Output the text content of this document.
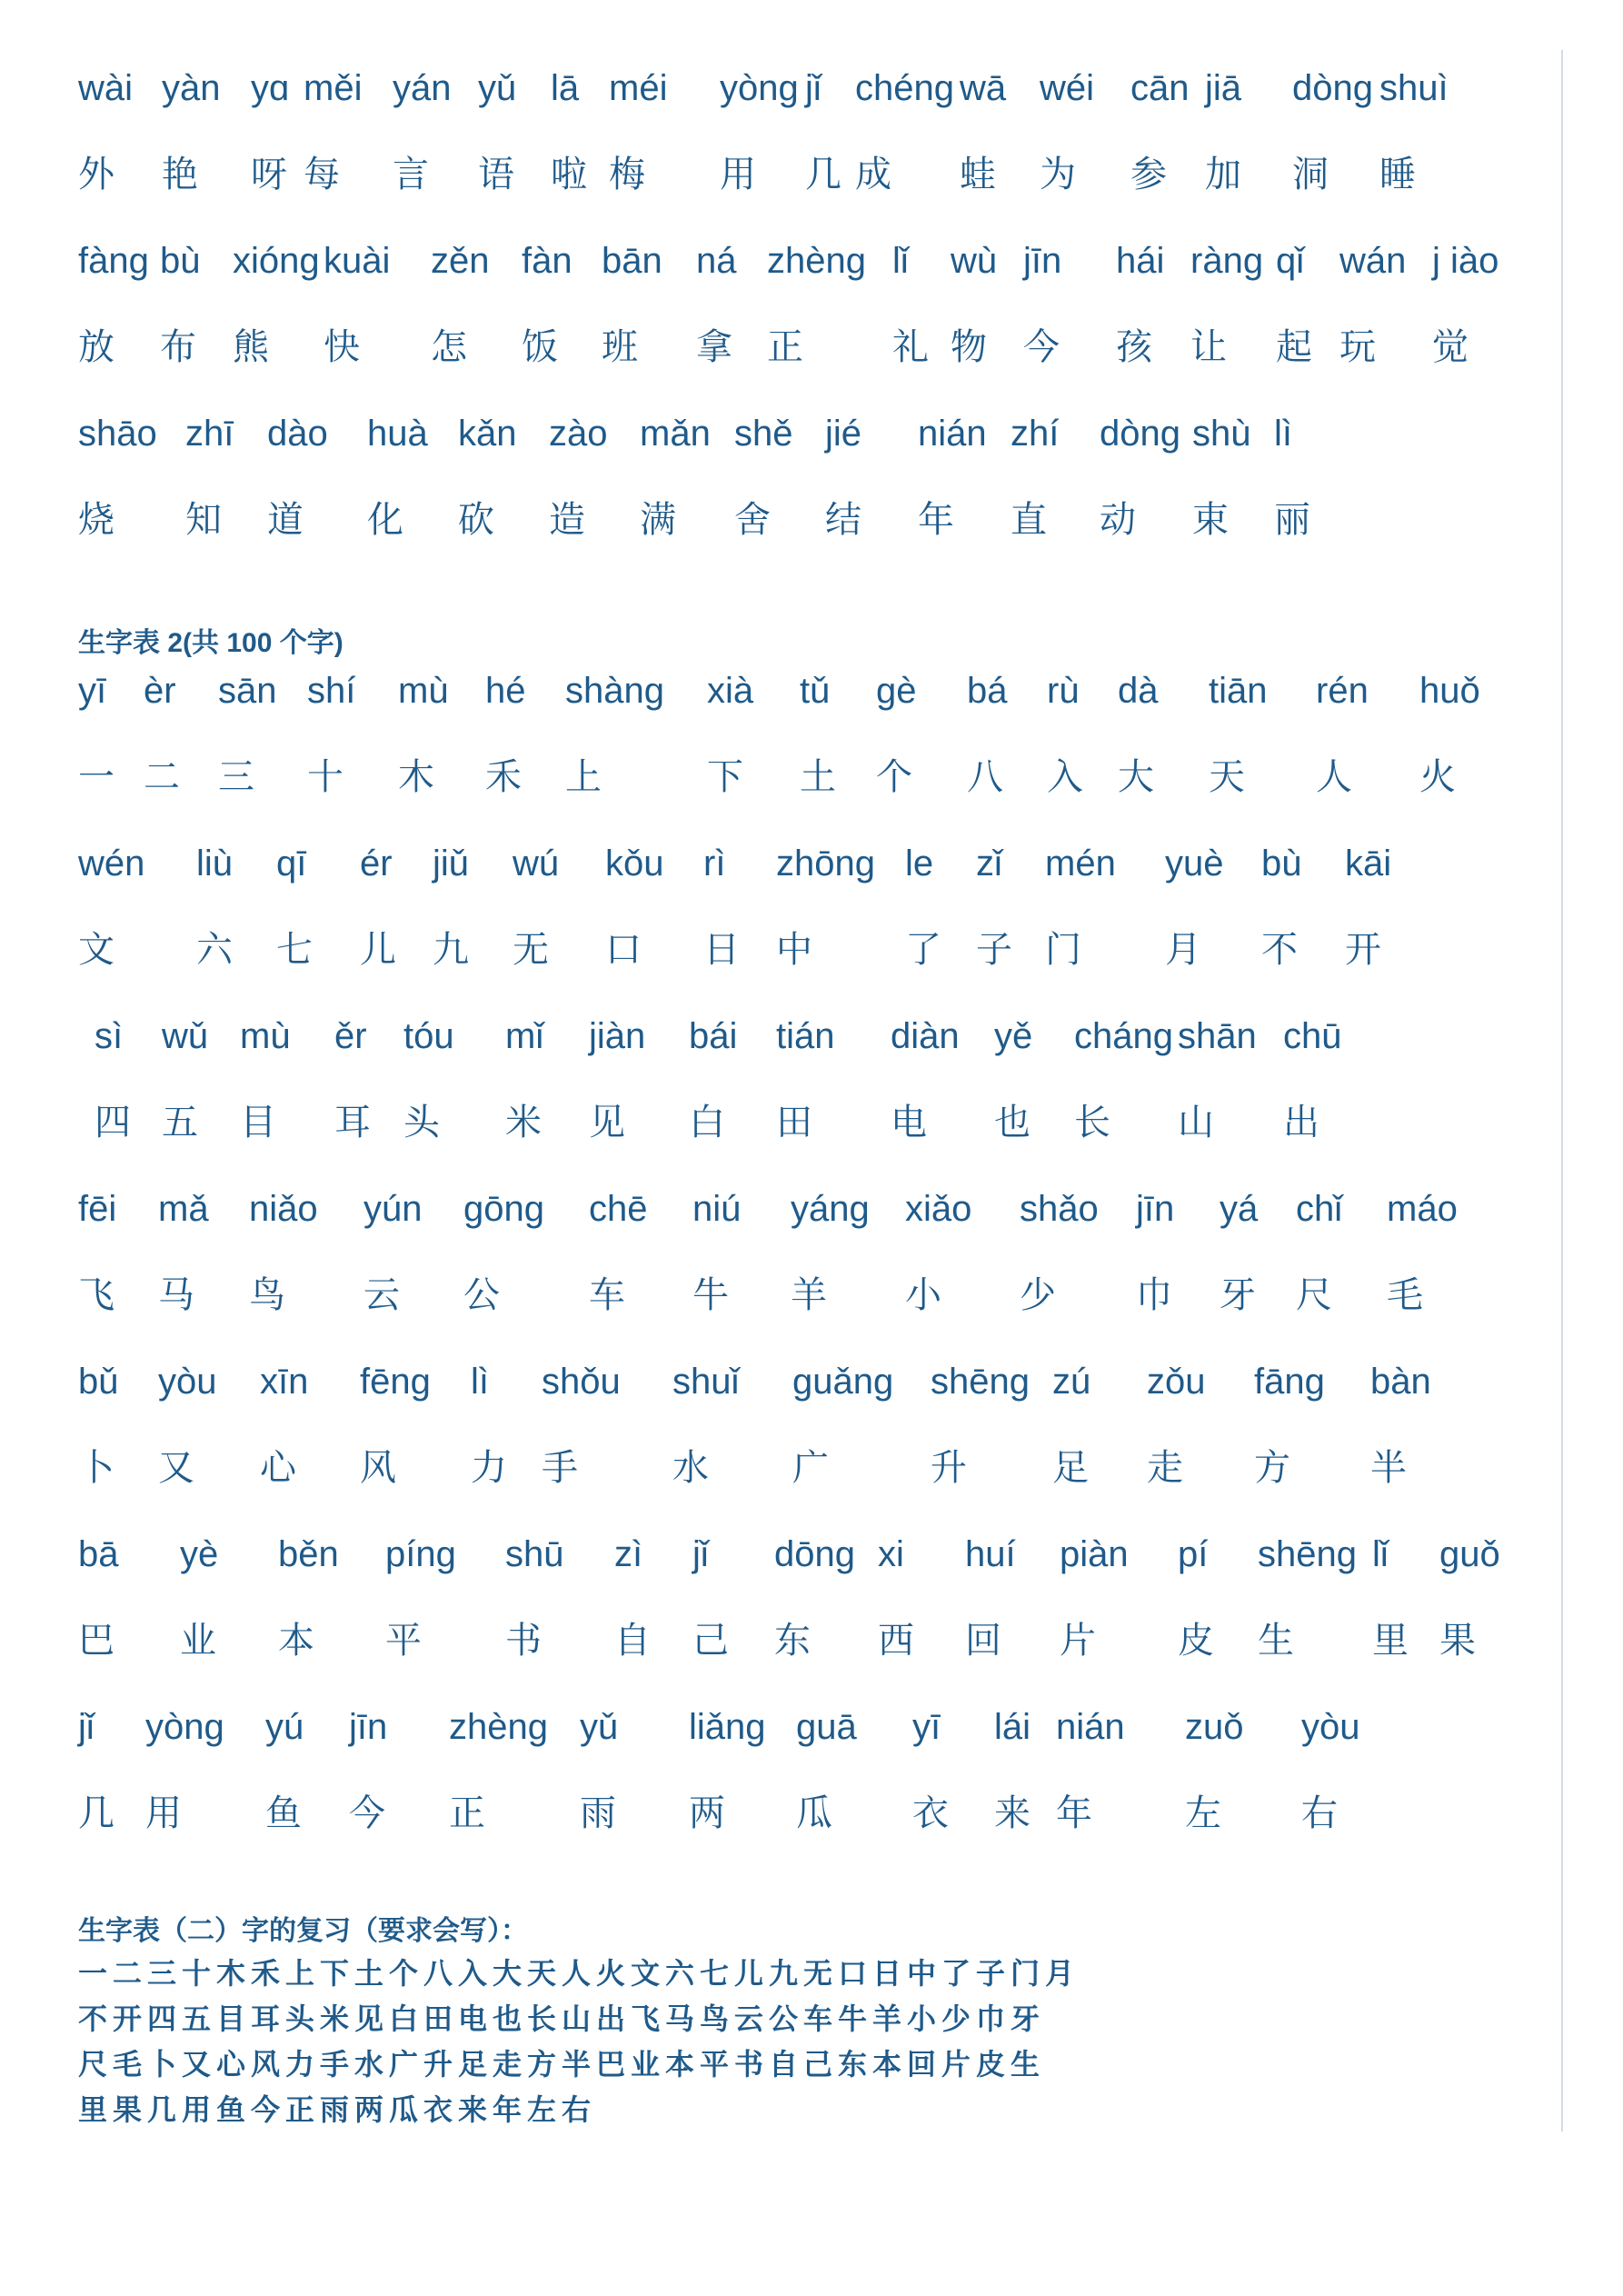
wài yàn yɑ měi yán yǔ lā méi yòng jǐ chéng wā wéi cān jiā dòng shuì
外 艳 呀 每 言 语 啦 梅 用 几 成 蛙 为 参 加 洞 睡
fàng bù xióng kuài zěn fàn bān ná zhèng lǐ wù jīn hái ràng qǐ wán j iào
放 布 熊 快 怎 饭 班 拿 正 礼 物 今 孩 让 起 玩 觉
shāo zhī dào huà kǎn zào mǎn shě jié nián zhí dòng shù lì
烧 知 道 化 砍 造 满 舍 结 年 直 动 束 丽
生字表 2(共 100 个字)
yī èr sān shí mù hé shàng xià tǔ gè bá rù dà tiān rén huǒ
一 二 三 十 木 禾 上	下 土 个 八 入 大 天 人 火
wén liù qī ér jiǔ wú kǒu rì zhōng le zǐ mén yuè bù kāi
文 六 七 儿 九 无 口 日 中	了 子 门 月 不 开
sì wǔ mù ěr tóu mǐ jiàn bái tián diàn yě cháng shān chū
四 五 目 耳 头 米 见 白 田 电 也 长 山 出
fēi mǎ niǎo yún gōng chē niú yáng xiǎo shǎo jīn yá chǐ máo
飞 马 鸟 云 公 车 牛 羊 小 少 巾 牙 尺 毛
bǔ yòu xīn fēng lì shǒu shuǐ guǎng shēng zú zǒu fāng bàn
卜 又 心 风 力 手	水 广	升 足 走 方 半
bā yè běn píng shū zì jǐ dōng xi huí piàn pí shēng lǐ guǒ
巴 业 本 平 书 自 己 东 西 回 片 皮 生 里 果
jǐ yòng yú jīn zhèng yǔ liǎng guā yī lái nián zuǒ yòu
几 用 鱼 今 正	雨 两 瓜 衣 来 年	左 右
生字表（二）字的复习（要求会写）：
一二三十木禾上下土个八入大天人火文六七儿九无口日中了子门月
不开四五目耳头米见白田电也长山出飞马鸟云公车牛羊小少巾牙
尺毛卜又心风力手水广升足走方半巴业本平书自己东本回片皮生
里果几用鱼今正雨两瓜衣来年左右
